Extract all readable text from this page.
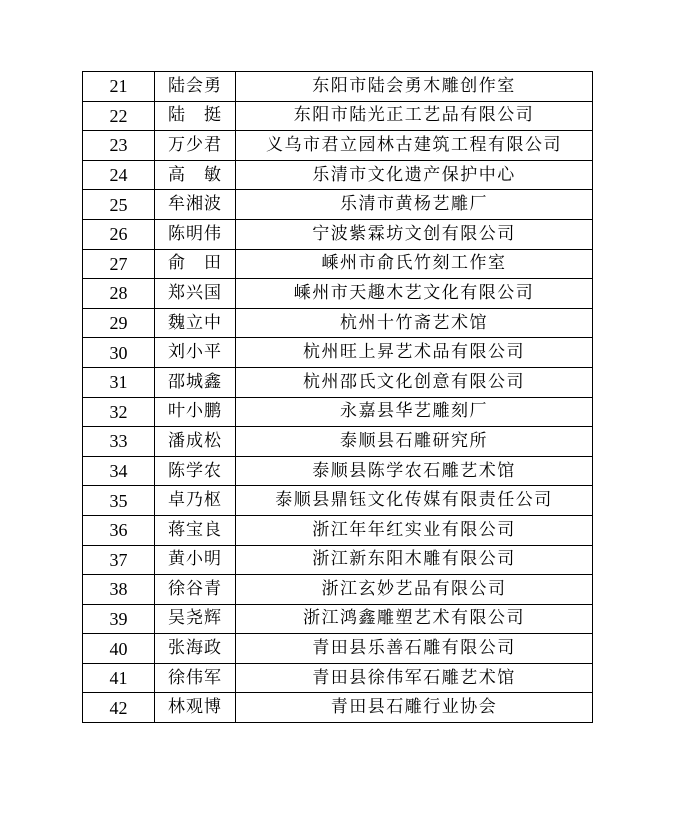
21	陆会勇	东阳市陆会勇木雕创作室
22	陆　挺	东阳市陆光正工艺品有限公司
23	万少君	义乌市君立园林古建筑工程有限公司
24	高　敏	乐清市文化遗产保护中心
25	牟湘波	乐清市黄杨艺雕厂
26	陈明伟	宁波紫霖坊文创有限公司
27	俞　田	嵊州市俞氏竹刻工作室
28	郑兴国	嵊州市天趣木艺文化有限公司
29	魏立中	杭州十竹斋艺术馆
30	刘小平	杭州旺上昇艺术品有限公司
31	邵城鑫	杭州邵氏文化创意有限公司
32	叶小鹏	永嘉县华艺雕刻厂
33	潘成松	泰顺县石雕研究所
34	陈学农	泰顺县陈学农石雕艺术馆
35	卓乃枢	泰顺县鼎钰文化传媒有限责任公司
36	蒋宝良	浙江年年红实业有限公司
37	黄小明	浙江新东阳木雕有限公司
38	徐谷青	浙江玄妙艺品有限公司
39	吴尧辉	浙江鸿鑫雕塑艺术有限公司
40	张海政	青田县乐善石雕有限公司
41	徐伟军	青田县徐伟军石雕艺术馆
42	林观博	青田县石雕行业协会
